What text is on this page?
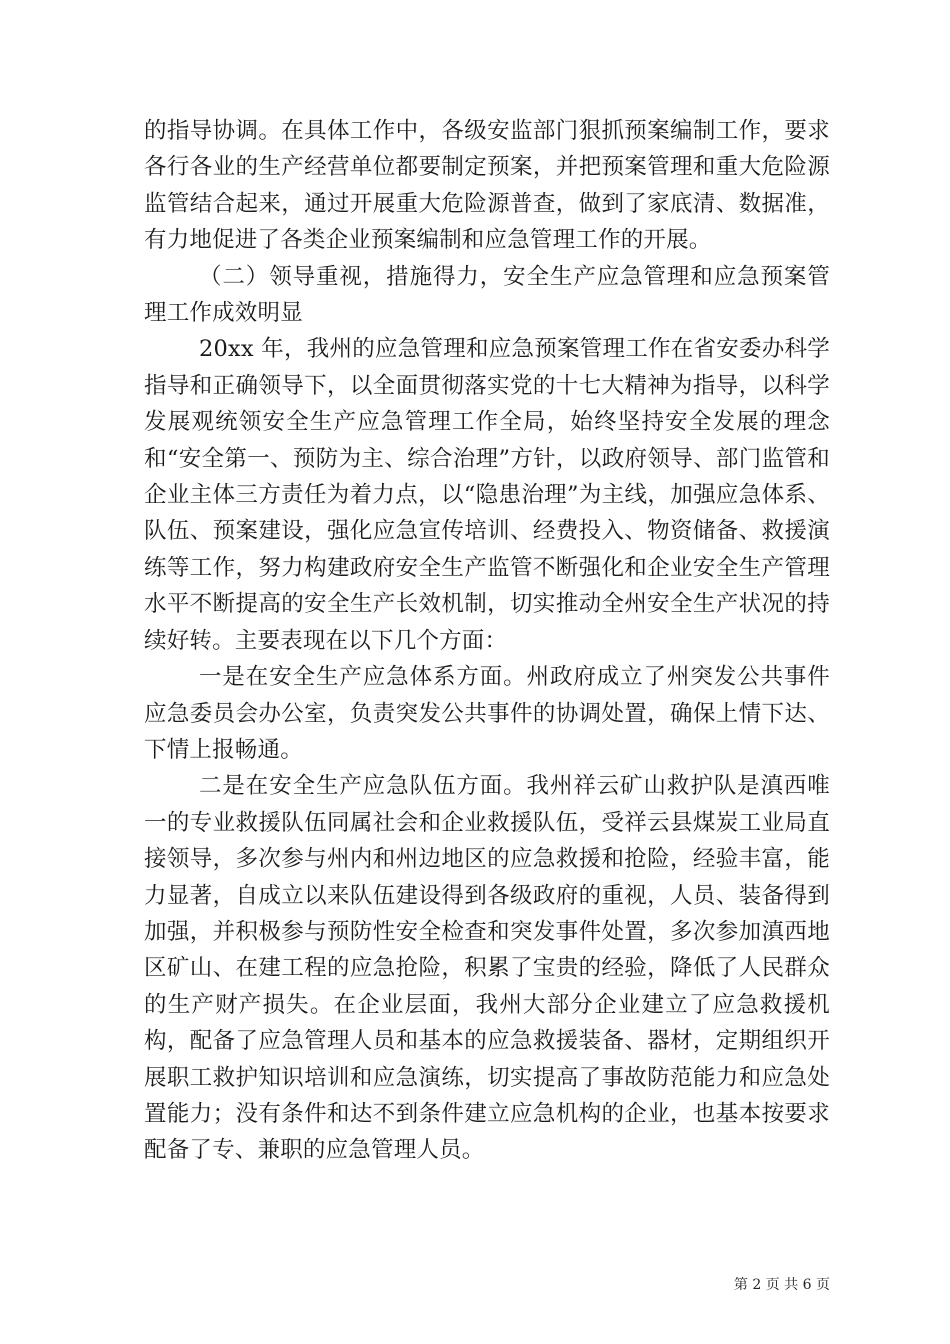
的指导协调。在具体工作中，各级安监部门狠抓预案编制工作，要求各行各业的生产经营单位都要制定预案，并把预案管理和重大危险源监管结合起来，通过开展重大危险源普查，做到了家底清、数据准，有力地促进了各类企业预案编制和应急管理工作的开展。

（二）领导重视，措施得力，安全生产应急管理和应急预案管理工作成效明显

20xx 年，我州的应急管理和应急预案管理工作在省安委办科学指导和正确领导下，以全面贯彻落实党的十七大精神为指导，以科学发展观统领安全生产应急管理工作全局，始终坚持安全发展的理念和“安全第一、预防为主、综合治理”方针，以政府领导、部门监管和企业主体三方责任为着力点，以“隐患治理”为主线，加强应急体系、队伍、预案建设，强化应急宣传培训、经费投入、物资储备、救援演练等工作，努力构建政府安全生产监管不断强化和企业安全生产管理水平不断提高的安全生产长效机制，切实推动全州安全生产状况的持续好转。主要表现在以下几个方面：

一是在安全生产应急体系方面。州政府成立了州突发公共事件应急委员会办公室，负责突发公共事件的协调处置，确保上情下达、下情上报畅通。

二是在安全生产应急队伍方面。我州祥云矿山救护队是滇西唯一的专业救援队伍同属社会和企业救援队伍，受祥云县煤炭工业局直接领导，多次参与州内和州边地区的应急救援和抢险，经验丰富，能力显著，自成立以来队伍建设得到各级政府的重视，人员、装备得到加强，并积极参与预防性安全检查和突发事件处置，多次参加滇西地区矿山、在建工程的应急抢险，积累了宝贵的经验，降低了人民群众的生产财产损失。在企业层面，我州大部分企业建立了应急救援机构，配备了应急管理人员和基本的应急救援装备、器材，定期组织开展职工救护知识培训和应急演练，切实提高了事故防范能力和应急处置能力；没有条件和达不到条件建立应急机构的企业，也基本按要求配备了专、兼职的应急管理人员。

第 2 页 共 6 页
